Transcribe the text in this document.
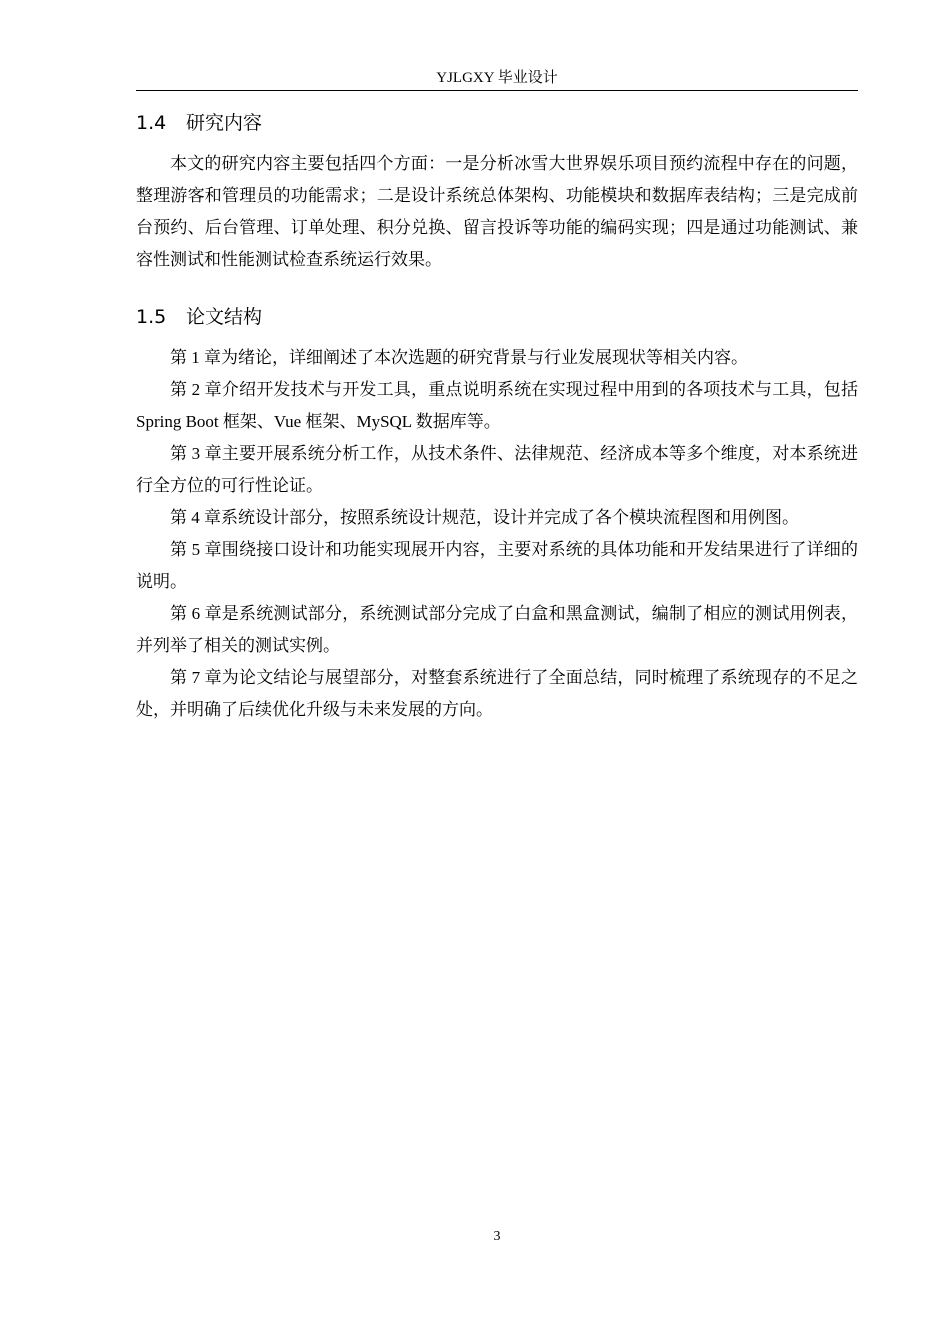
YJLGXY 毕业设计
1.4 研究内容

本文的研究内容主要包括四个方面：一是分析冰雪大世界娱乐项目预约流程中存在的问题，整理游客和管理员的功能需求；二是设计系统总体架构、功能模块和数据库表结构；三是完成前台预约、后台管理、订单处理、积分兑换、留言投诉等功能的编码实现；四是通过功能测试、兼容性测试和性能测试检查系统运行效果。

1.5 论文结构

第 1 章为绪论，详细阐述了本次选题的研究背景与行业发展现状等相关内容。

第 2 章介绍开发技术与开发工具，重点说明系统在实现过程中用到的各项技术与工具，包括 Spring Boot 框架、Vue 框架、MySQL 数据库等。

第 3 章主要开展系统分析工作，从技术条件、法律规范、经济成本等多个维度，对本系统进行全方位的可行性论证。

第 4 章系统设计部分，按照系统设计规范，设计并完成了各个模块流程图和用例图。

第 5 章围绕接口设计和功能实现展开内容，主要对系统的具体功能和开发结果进行了详细的说明。

第 6 章是系统测试部分，系统测试部分完成了白盒和黑盒测试，编制了相应的测试用例表，并列举了相关的测试实例。

第 7 章为论文结论与展望部分，对整套系统进行了全面总结，同时梳理了系统现存的不足之处，并明确了后续优化升级与未来发展的方向。

3
